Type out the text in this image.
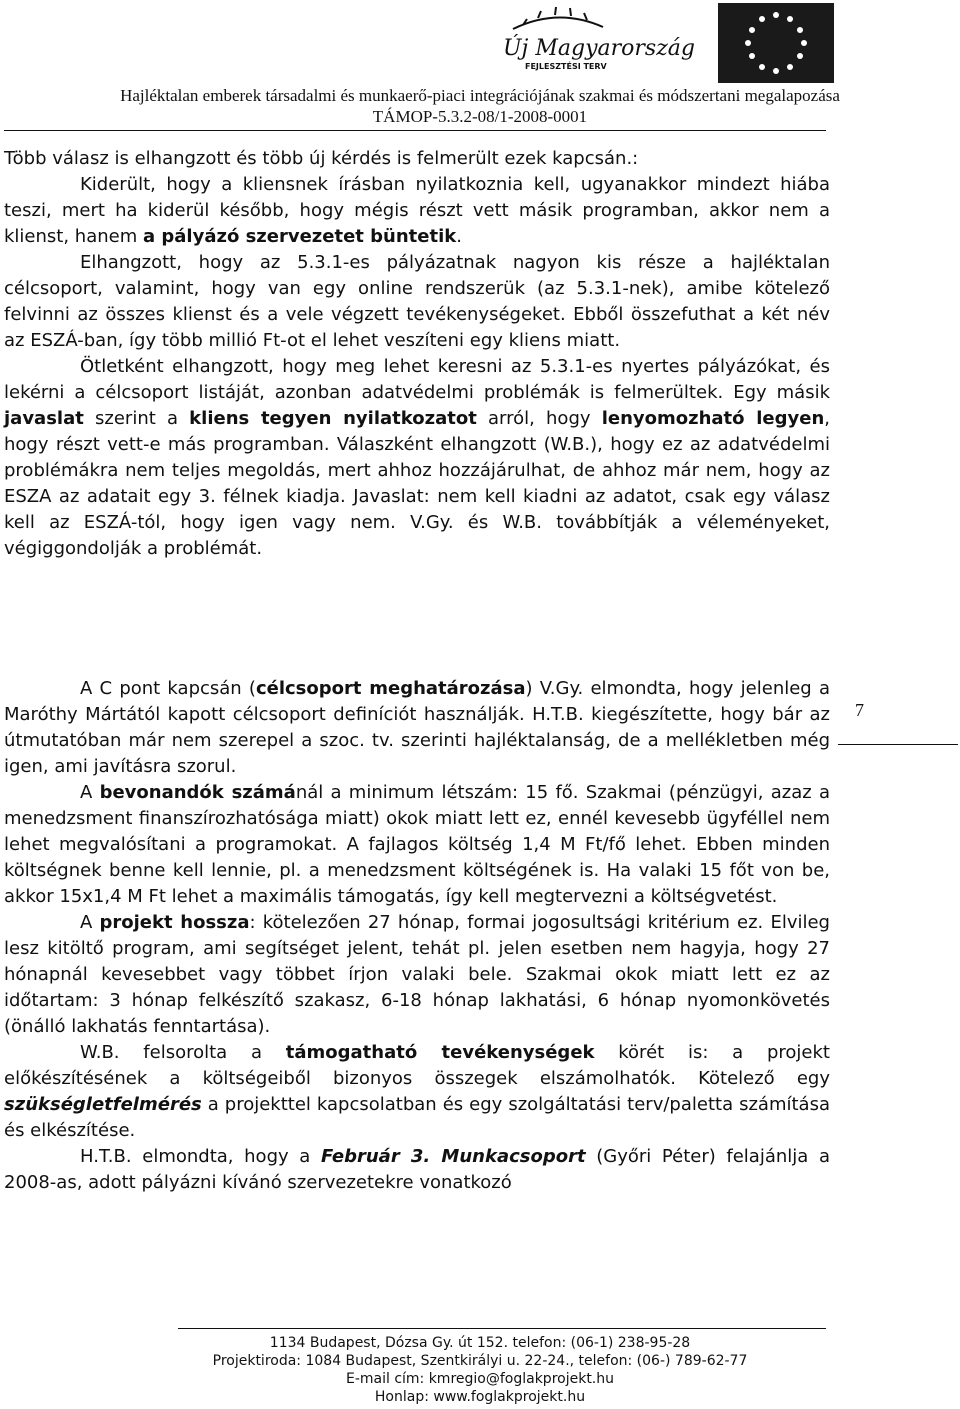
Új Magyarország
FEJLESZTÉSI TERV
Hajléktalan emberek társadalmi és munkaerő-piaci integrációjának szakmai és módszertani megalapozása
TÁMOP-5.3.2-08/1-2008-0001

Több válasz is elhangzott és több új kérdés is felmerült ezek kapcsán.:

Kiderült, hogy a kliensnek írásban nyilatkoznia kell, ugyanakkor mindezt hiába teszi, mert ha kiderül később, hogy mégis részt vett másik programban, akkor nem a klienst, hanem a pályázó szervezetet büntetik.

Elhangzott, hogy az 5.3.1-es pályázatnak nagyon kis része a hajléktalan célcsoport, valamint, hogy van egy online rendszerük (az 5.3.1-nek), amibe kötelező felvinni az összes klienst és a vele végzett tevékenységeket. Ebből összefuthat a két név az ESZÁ-ban, így több millió Ft-ot el lehet veszíteni egy kliens miatt.

Ötletként elhangzott, hogy meg lehet keresni az 5.3.1-es nyertes pályázókat, és lekérni a célcsoport listáját, azonban adatvédelmi problémák is felmerültek. Egy másik javaslat szerint a kliens tegyen nyilatkozatot arról, hogy lenyomozható legyen, hogy részt vett-e más programban. Válaszként elhangzott (W.B.), hogy ez az adatvédelmi problémákra nem teljes megoldás, mert ahhoz hozzájárulhat, de ahhoz már nem, hogy az ESZA az adatait egy 3. félnek kiadja. Javaslat: nem kell kiadni az adatot, csak egy válasz kell az ESZÁ-tól, hogy igen vagy nem. V.Gy. és W.B. továbbítják a véleményeket, végiggondolják a problémát.

A C pont kapcsán (célcsoport meghatározása) V.Gy. elmondta, hogy jelenleg a Maróthy Mártától kapott célcsoport definíciót használják. H.T.B. kiegészítette, hogy bár az útmutatóban már nem szerepel a szoc. tv. szerinti hajléktalanság, de a mellékletben még igen, ami javításra szorul.

A bevonandók számánál a minimum létszám: 15 fő. Szakmai (pénzügyi, azaz a menedzsment finanszírozhatósága miatt) okok miatt lett ez, ennél kevesebb ügyféllel nem lehet megvalósítani a programokat. A fajlagos költség 1,4 M Ft/fő lehet. Ebben minden költségnek benne kell lennie, pl. a menedzsment költségének is. Ha valaki 15 főt von be, akkor 15x1,4 M Ft lehet a maximális támogatás, így kell megtervezni a költségvetést.

A projekt hossza: kötelezően 27 hónap, formai jogosultsági kritérium ez. Elvileg lesz kitöltő program, ami segítséget jelent, tehát pl. jelen esetben nem hagyja, hogy 27 hónapnál kevesebbet vagy többet írjon valaki bele. Szakmai okok miatt lett ez az időtartam: 3 hónap felkészítő szakasz, 6-18 hónap lakhatási, 6 hónap nyomonkövetés (önálló lakhatás fenntartása).

W.B. felsorolta a támogatható tevékenységek körét is: a projekt előkészítésének a költségeiből bizonyos összegek elszámolhatók. Kötelező egy szükségletfelmérés a projekttel kapcsolatban és egy szolgáltatási terv/paletta számítása és elkészítése.

H.T.B. elmondta, hogy a Február 3. Munkacsoport (Győri Péter) felajánlja a 2008-as, adott pályázni kívánó szervezetekre vonatkozó

7
1134 Budapest, Dózsa Gy. út 152. telefon: (06-1) 238-95-28
Projektiroda: 1084 Budapest, Szentkirályi u. 22-24., telefon: (06-) 789-62-77
E-mail cím: kmregio@foglakprojekt.hu
Honlap: www.foglakprojekt.hu
